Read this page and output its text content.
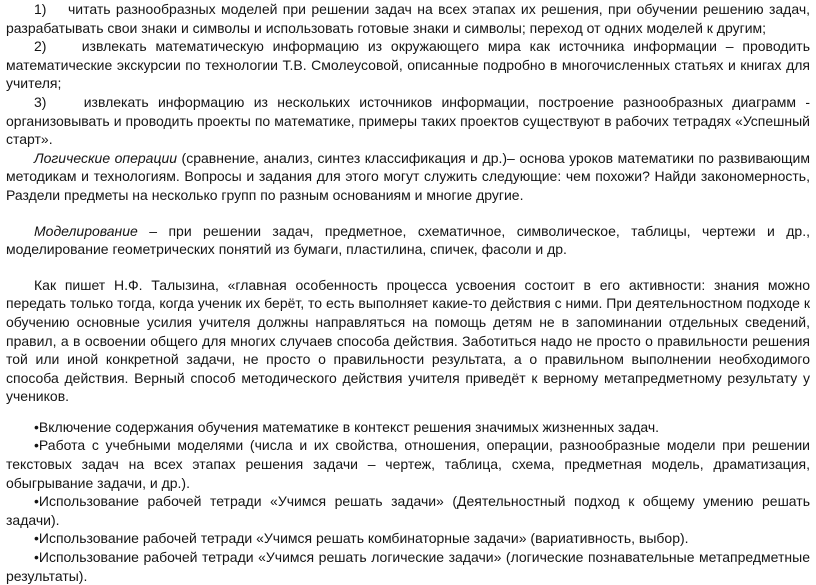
1) читать разнообразных моделей при решении задач на всех этапах их решения, при обучении решению задач, разрабатывать свои знаки и символы и использовать готовые знаки и символы; переход от одних моделей к другим;

2)	извлекать математическую информацию из окружающего мира как источника информации – проводить математические экскурсии по технологии Т.В. Смолеусовой, описанные подробно в многочисленных статьях и книгах для учителя;

3)	извлекать информацию из нескольких источников информации, построение разнообразных диаграмм - организовывать и проводить проекты по математике, примеры таких проектов существуют в рабочих тетрадях «Успешный старт».

Логические операции (сравнение, анализ, синтез классификация и др.)– основа уроков математики по развивающим методикам и технологиям. Вопросы и задания для этого могут служить следующие: чем похожи? Найди закономерность, Раздели предметы на несколько групп по разным основаниям и многие другие.

Моделирование – при решении задач, предметное, схематичное, символическое, таблицы, чертежи и др., моделирование геометрических понятий из бумаги, пластилина, спичек, фасоли и др.

Как пишет Н.Ф. Талызина, «главная особенность процесса усвоения состоит в его активности: знания можно передать только тогда, когда ученик их берёт, то есть выполняет какие-то действия с ними. При деятельностном подходе к обучению основные усилия учителя должны направляться на помощь детям не в запоминании отдельных сведений, правил, а в освоении общего для многих случаев способа действия. Заботиться надо не просто о правильности решения той или иной конкретной задачи, не просто о правильности результата, а о правильном выполнении необходимого способа действия. Верный способ методического действия учителя приведёт к верному метапредметному результату у учеников.

•Включение содержания обучения математике в контекст решения значимых жизненных задач.

•Работа с учебными моделями (числа и их свойства, отношения, операции, разнообразные модели при решении текстовых задач на всех этапах решения задачи – чертеж, таблица, схема, предметная модель, драматизация, обыгрывание задачи, и др.).

•Использование рабочей тетради «Учимся решать задачи» (Деятельностный подход к общему умению решать задачи).

•Использование рабочей тетради «Учимся решать комбинаторные задачи» (вариативность, выбор).

•Использование рабочей тетради «Учимся решать логические задачи» (логические познавательные метапредметные результаты).
